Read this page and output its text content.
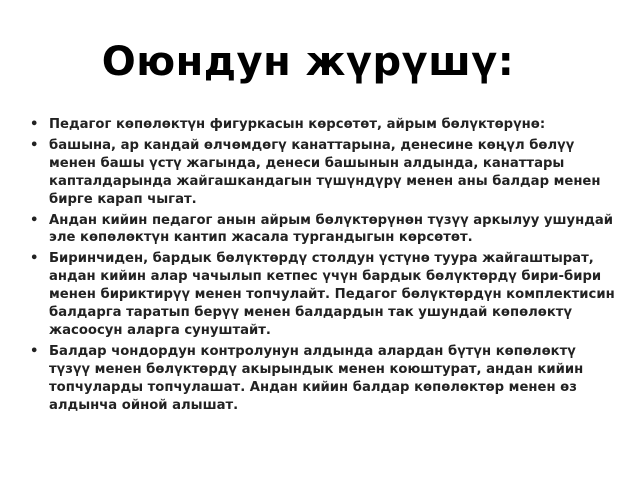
Оюндун жүрүшү:
• Педагог көпөлөктүн фигуркасын көрсөтөт, айрым бөлүктөрүнө:
• башына, ар кандай өлчөмдөгү канаттарына, денесине көңүл бөлүү менен башы үстү жагында, денеси башынын алдында, канаттары капталдарында жайгашкандагын түшүндүрү менен аны балдар менен бирге карап чыгат.
• Андан кийин педагог анын айрым бөлүктөрүнөн түзүү аркылуу ушундай эле көпөлөктүн кантип жасала тургандыгын көрсөтөт.
• Биринчиден, бардык бөлүктөрдү столдун үстүнө туура жайгаштырат, андан кийин алар чачылып кетпес үчүн бардык бөлүктөрдү бири-бири менен бириктирүү менен топчулайт. Педагог бөлүктөрдүн комплектисин балдарга таратып берүү менен балдардын так ушундай көпөлөктү жасоосун аларга сунуштайт.
• Балдар чондордун контролунун алдында алардан бүтүн көпөлөктү түзүү менен бөлүктөрдү акырындык менен коюштурат, андан кийин топчуларды топчулашат. Андан кийин балдар көпөлөктөр менен өз алдынча ойной алышат.
